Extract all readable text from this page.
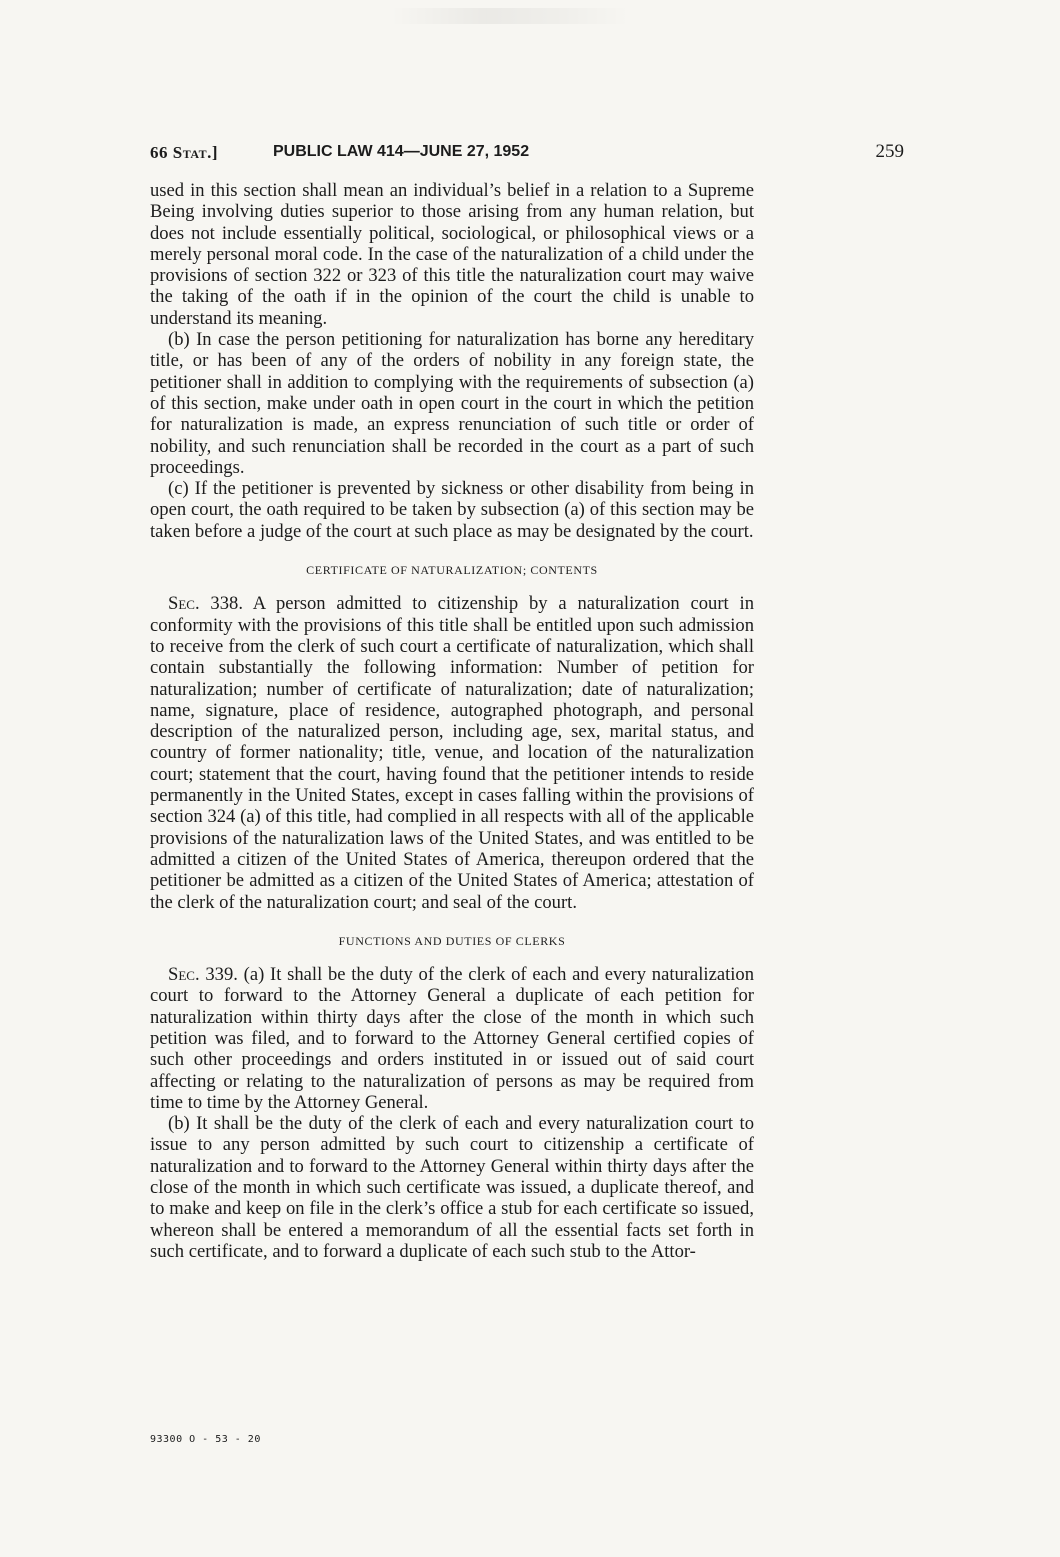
66 Stat.]	PUBLIC LAW 414—JUNE 27, 1952	259

used in this section shall mean an individual’s belief in a relation to a Supreme Being involving duties superior to those arising from any human relation, but does not include essentially political, sociological, or philosophical views or a merely personal moral code. In the case of the naturalization of a child under the provisions of section 322 or 323 of this title the naturalization court may waive the taking of the oath if in the opinion of the court the child is unable to understand its meaning.

(b) In case the person petitioning for naturalization has borne any hereditary title, or has been of any of the orders of nobility in any foreign state, the petitioner shall in addition to complying with the requirements of subsection (a) of this section, make under oath in open court in the court in which the petition for naturalization is made, an express renunciation of such title or order of nobility, and such renunciation shall be recorded in the court as a part of such proceedings.

(c) If the petitioner is prevented by sickness or other disability from being in open court, the oath required to be taken by subsection (a) of this section may be taken before a judge of the court at such place as may be designated by the court.

CERTIFICATE OF NATURALIZATION; CONTENTS

Sec. 338. A person admitted to citizenship by a naturalization court in conformity with the provisions of this title shall be entitled upon such admission to receive from the clerk of such court a certificate of naturalization, which shall contain substantially the following information: Number of petition for naturalization; number of certificate of naturalization; date of naturalization; name, signature, place of residence, autographed photograph, and personal description of the naturalized person, including age, sex, marital status, and country of former nationality; title, venue, and location of the naturalization court; statement that the court, having found that the petitioner intends to reside permanently in the United States, except in cases falling within the provisions of section 324 (a) of this title, had complied in all respects with all of the applicable provisions of the naturalization laws of the United States, and was entitled to be admitted a citizen of the United States of America, thereupon ordered that the petitioner be admitted as a citizen of the United States of America; attestation of the clerk of the naturalization court; and seal of the court.

FUNCTIONS AND DUTIES OF CLERKS

Sec. 339. (a) It shall be the duty of the clerk of each and every naturalization court to forward to the Attorney General a duplicate of each petition for naturalization within thirty days after the close of the month in which such petition was filed, and to forward to the Attorney General certified copies of such other proceedings and orders instituted in or issued out of said court affecting or relating to the naturalization of persons as may be required from time to time by the Attorney General.

(b) It shall be the duty of the clerk of each and every naturalization court to issue to any person admitted by such court to citizenship a certificate of naturalization and to forward to the Attorney General within thirty days after the close of the month in which such certificate was issued, a duplicate thereof, and to make and keep on file in the clerk’s office a stub for each certificate so issued, whereon shall be entered a memorandum of all the essential facts set forth in such certificate, and to forward a duplicate of each such stub to the Attor-

93300 O - 53 - 20
